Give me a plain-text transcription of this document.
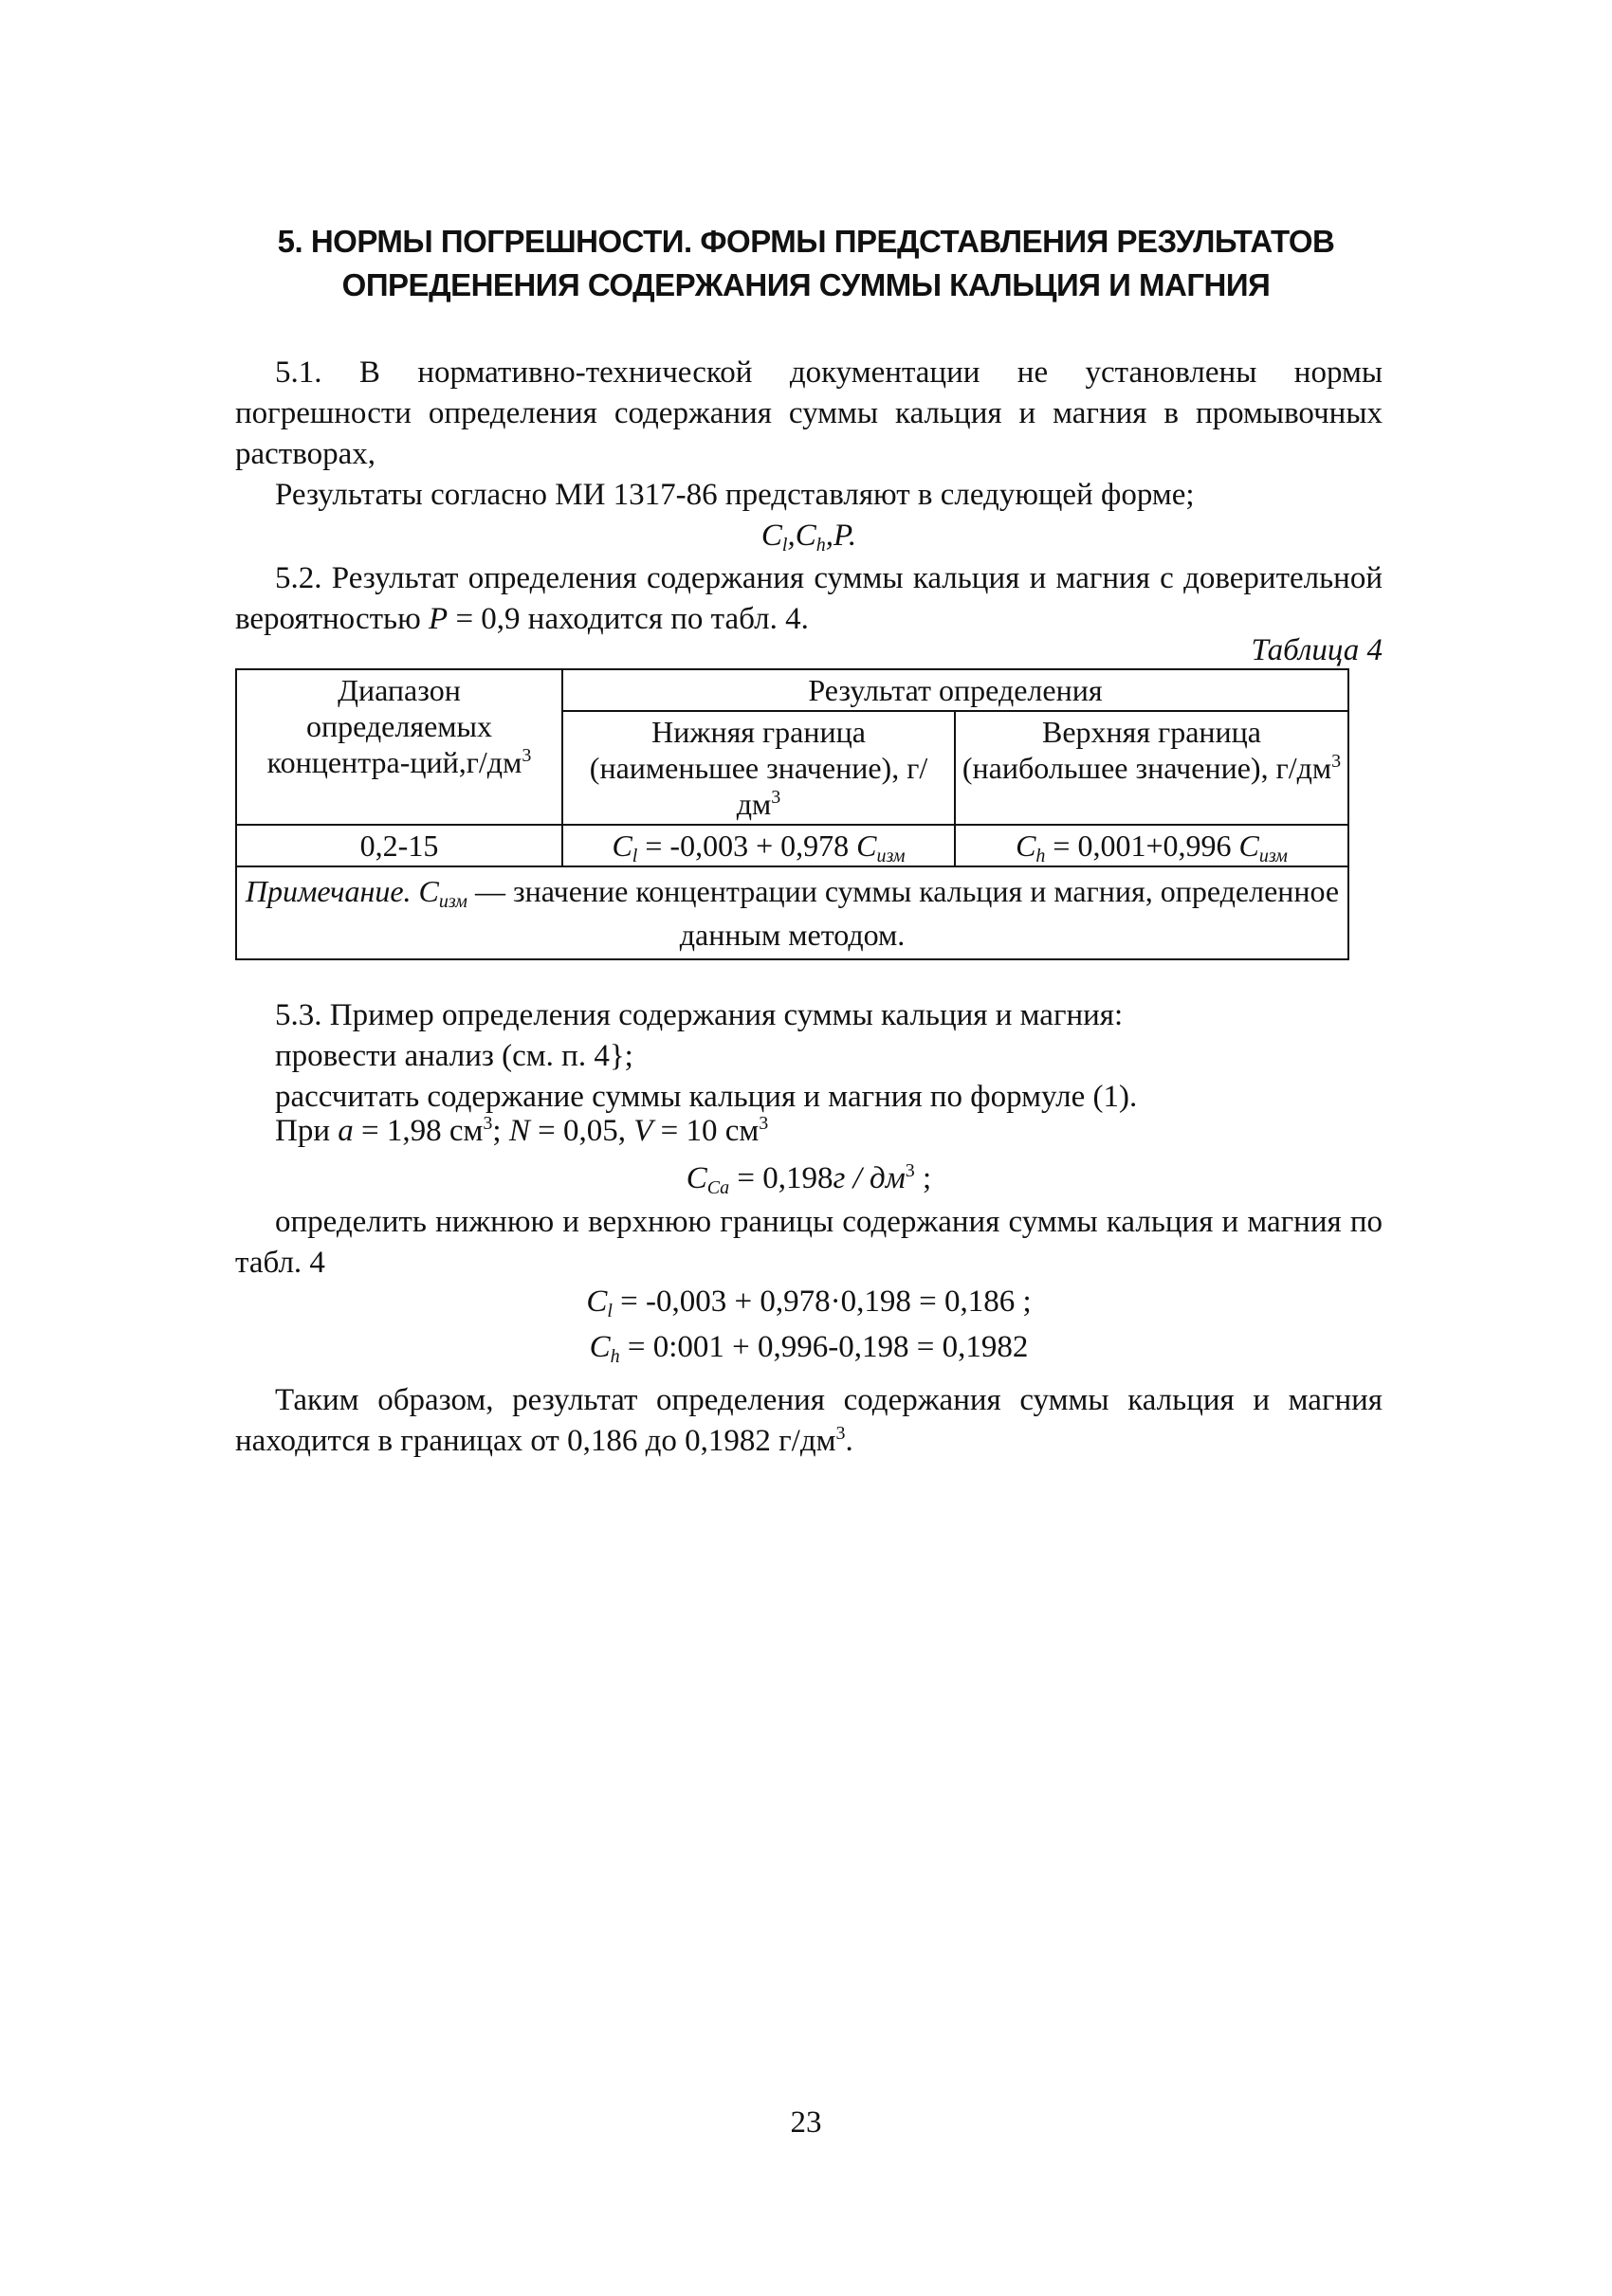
5. НОРМЫ ПОГРЕШНОСТИ. ФОРМЫ ПРЕДСТАВЛЕНИЯ РЕЗУЛЬТАТОВ
ОПРЕДЕНЕНИЯ СОДЕРЖАНИЯ СУММЫ КАЛЬЦИЯ И МАГНИЯ
5.1. В нормативно-технической документации не установлены нормы погрешности определения содержания суммы кальция и магния в промывочных растворах,
Результаты согласно МИ 1317-86 представляют в следующей форме;
$C_l,C_h,P$.
5.2. Результат определения содержания суммы кальция и магния с доверительной вероятностью P = 0,9 находится по табл. 4.
Таблица 4
Диапазон определяемых концентра-$ций,г/дм^3$	Результат определения	
	Нижняя граница (наименьшее значение), $г/дм^3$	Верхняя граница (наибольшее значение), $г/дм^3$
0,2-15	$C_l = -0,003 + 0,978$ $C_{изм}$	$C_h = 0,001+0,996$ $C_{изм}$
Примечание. $C_{изм}$ — значение концентрации суммы кальция и магния, определенное данным методом.		
5.3. Пример определения содержания суммы кальция и магния:
провести анализ (см. п. 4};
рассчитать содержание суммы кальция и магния по формуле (1).
При a = 1,98 $см^3$; N = 0,05, V = 10 $см^3$
$C_{Ca} = 0,198г / дм^3$ ;
определить нижнюю и верхнюю границы содержания суммы кальция и магния по табл. 4
$C_l = -0,003 + 0,978\cdot 0,198 = 0,186$ ;
$C_h$ = 0:001 + 0,996-0,198 = 0,1982
Таким образом, результат определения содержания суммы кальция и магния находится в границах от 0,186 до 0,1982 $г/дм^3$.
23
